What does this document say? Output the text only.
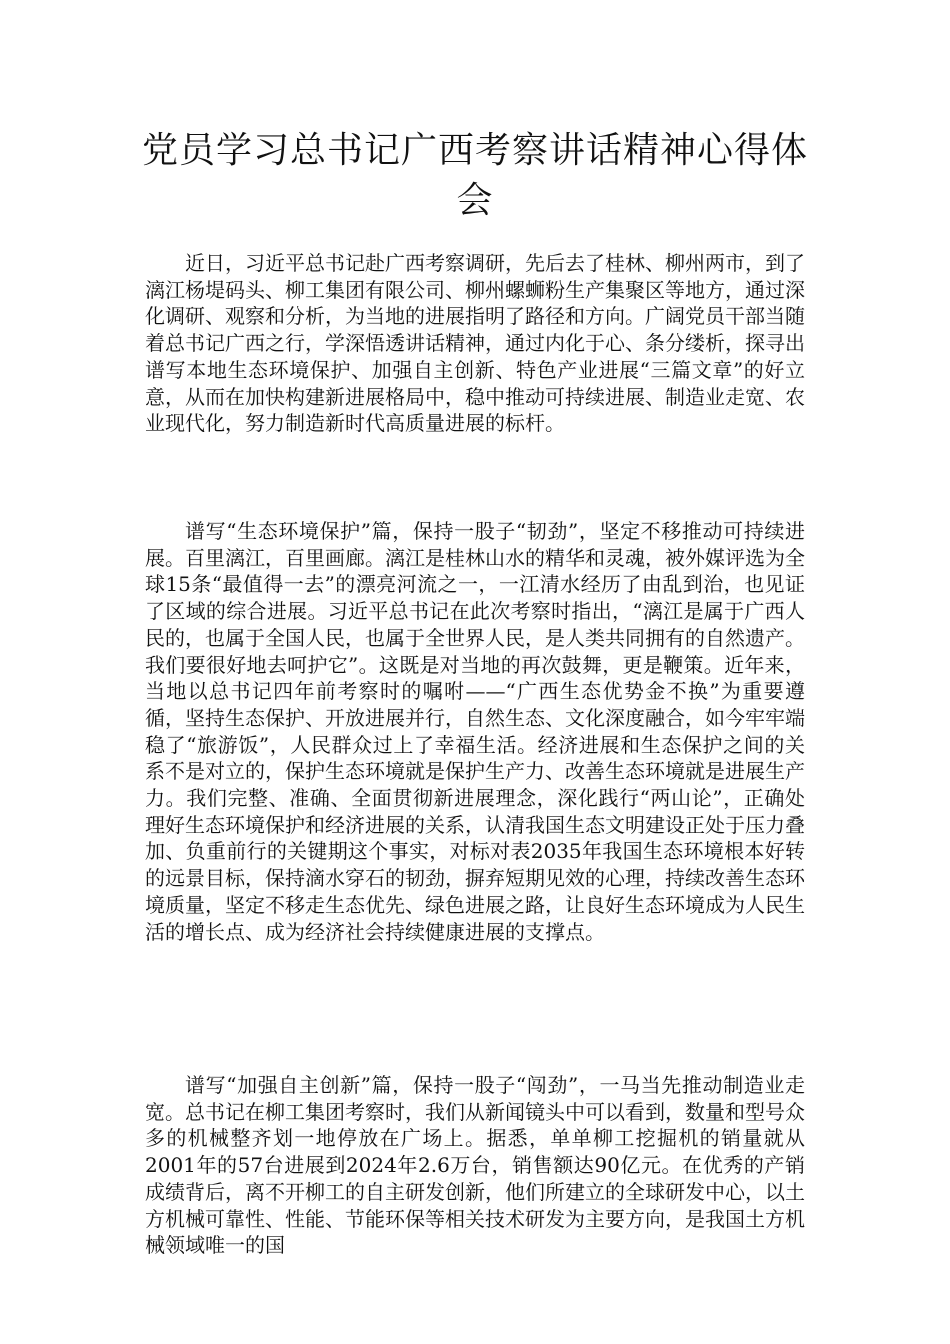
党员学习总书记广西考察讲话精神心得体会

近日，习近平总书记赴广西考察调研，先后去了桂林、柳州两市，到了漓江杨堤码头、柳工集团有限公司、柳州螺蛳粉生产集聚区等地方，通过深化调研、观察和分析，为当地的进展指明了路径和方向。广阔党员干部当随着总书记广西之行，学深悟透讲话精神，通过内化于心、条分缕析，探寻出谱写本地生态环境保护、加强自主创新、特色产业进展“三篇文章”的好立意，从而在加快构建新进展格局中，稳中推动可持续进展、制造业走宽、农业现代化，努力制造新时代高质量进展的标杆。

谱写“生态环境保护”篇，保持一股子“韧劲”，坚定不移推动可持续进展。百里漓江，百里画廊。漓江是桂林山水的精华和灵魂，被外媒评选为全球15条“最值得一去”的漂亮河流之一，一江清水经历了由乱到治，也见证了区域的综合进展。习近平总书记在此次考察时指出，“漓江是属于广西人民的，也属于全国人民，也属于全世界人民，是人类共同拥有的自然遗产。我们要很好地去呵护它”。这既是对当地的再次鼓舞，更是鞭策。近年来，当地以总书记四年前考察时的嘱咐——“广西生态优势金不换”为重要遵循，坚持生态保护、开放进展并行，自然生态、文化深度融合，如今牢牢端稳了“旅游饭”，人民群众过上了幸福生活。经济进展和生态保护之间的关系不是对立的，保护生态环境就是保护生产力、改善生态环境就是进展生产力。我们完整、准确、全面贯彻新进展理念，深化践行“两山论”，正确处理好生态环境保护和经济进展的关系，认清我国生态文明建设正处于压力叠加、负重前行的关键期这个事实，对标对表2035年我国生态环境根本好转的远景目标，保持滴水穿石的韧劲，摒弃短期见效的心理，持续改善生态环境质量，坚定不移走生态优先、绿色进展之路，让良好生态环境成为人民生活的增长点、成为经济社会持续健康进展的支撑点。

谱写“加强自主创新”篇，保持一股子“闯劲”，一马当先推动制造业走宽。总书记在柳工集团考察时，我们从新闻镜头中可以看到，数量和型号众多的机械整齐划一地停放在广场上。据悉，单单柳工挖掘机的销量就从2001年的57台进展到2024年2.6万台，销售额达90亿元。在优秀的产销成绩背后，离不开柳工的自主研发创新，他们所建立的全球研发中心，以土方机械可靠性、性能、节能环保等相关技术研发为主要方向，是我国土方机械领域唯一的国
